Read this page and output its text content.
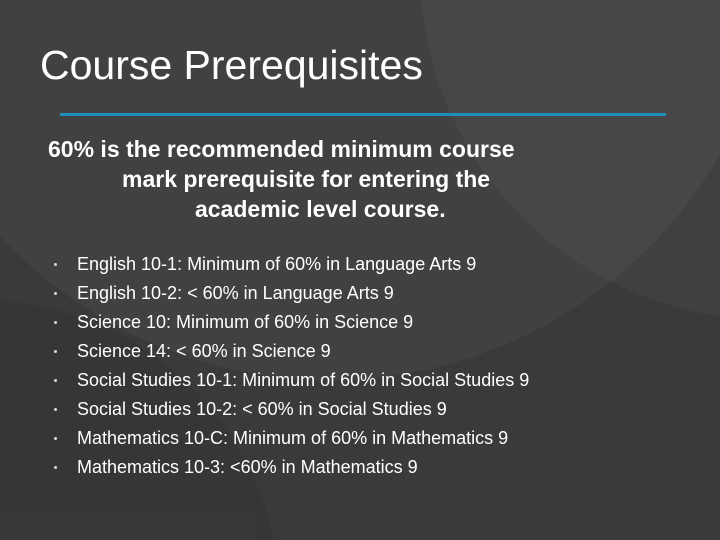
Course Prerequisites
60% is the recommended minimum course
mark prerequisite for entering the
academic level course.
English 10-1: Minimum of 60% in Language Arts 9
English 10-2: < 60% in Language Arts 9
Science 10: Minimum of 60% in Science 9
Science 14: < 60% in Science 9
Social Studies 10-1: Minimum of 60% in Social Studies 9
Social Studies 10-2: < 60% in Social Studies 9
Mathematics 10-C: Minimum of 60% in Mathematics 9
Mathematics 10-3: <60% in Mathematics 9
